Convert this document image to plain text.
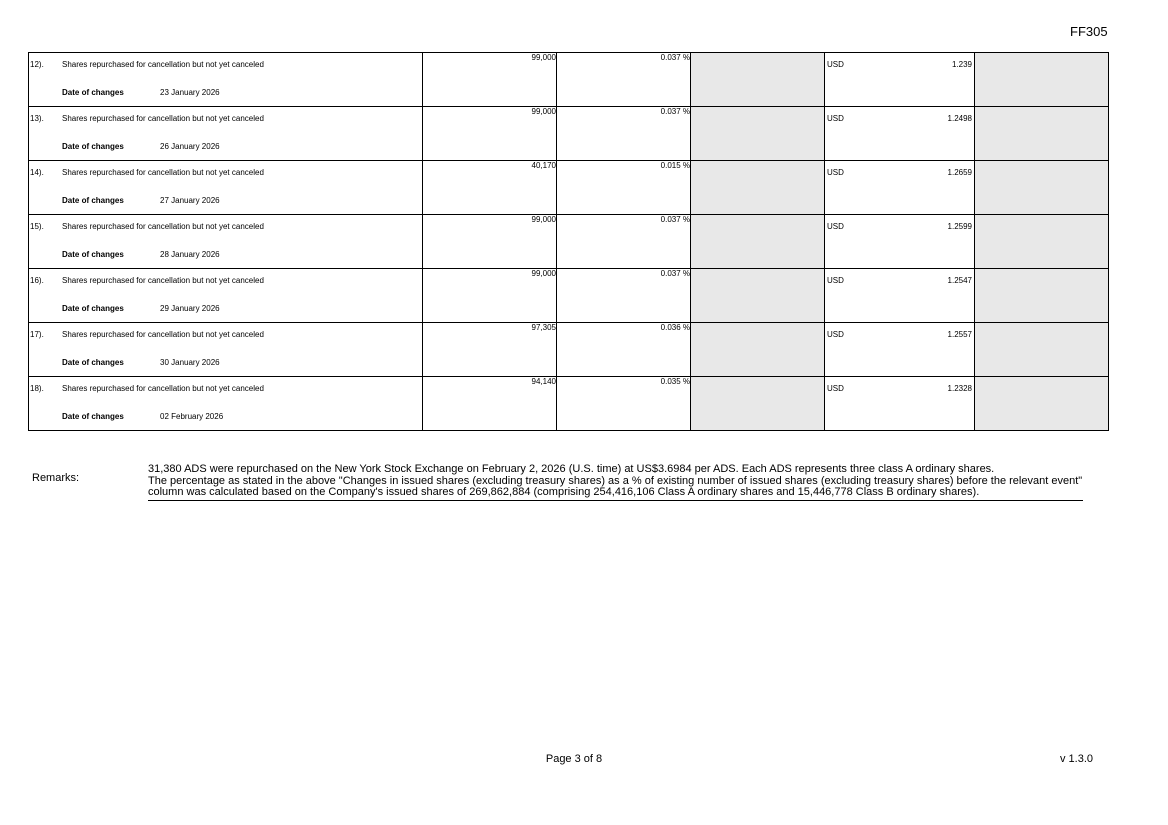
FF305
12). Shares repurchased for cancellation but not yet canceled
Date of changes 23 January 2026	99,000	0.037 %		USD 1.239	

13). Shares repurchased for cancellation but not yet canceled
Date of changes 26 January 2026	99,000	0.037 %		USD 1.2498	

14). Shares repurchased for cancellation but not yet canceled
Date of changes 27 January 2026	40,170	0.015 %		USD 1.2659	

15). Shares repurchased for cancellation but not yet canceled
Date of changes 28 January 2026	99,000	0.037 %		USD 1.2599	

16). Shares repurchased for cancellation but not yet canceled
Date of changes 29 January 2026	99,000	0.037 %		USD 1.2547	

17). Shares repurchased for cancellation but not yet canceled
Date of changes 30 January 2026	97,305	0.036 %		USD 1.2557	

18). Shares repurchased for cancellation but not yet canceled
Date of changes 02 February 2026	94,140	0.035 %		USD 1.2328	

Remarks:

31,380 ADS were repurchased on the New York Stock Exchange on February 2, 2026 (U.S. time) at US$3.6984 per ADS. Each ADS represents three class A ordinary shares.

The percentage as stated in the above "Changes in issued shares (excluding treasury shares) as a % of existing number of issued shares (excluding treasury shares) before the relevant event" column was calculated based on the Company's issued shares of 269,862,884 (comprising 254,416,106 Class A ordinary shares and 15,446,778 Class B ordinary shares).

Page 3 of 8	v 1.3.0
